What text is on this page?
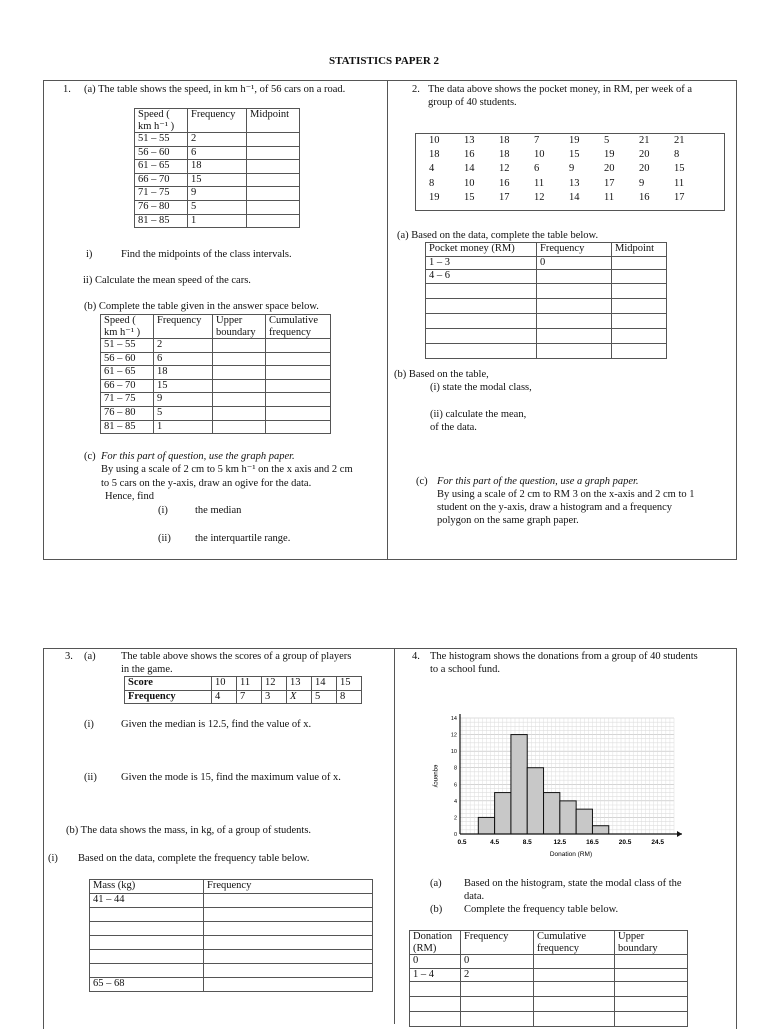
STATISTICS PAPER 2
1. (a) The table shows the speed, in km h⁻¹, of 56 cars on a road.
Speed ( km h⁻¹ )	Frequency	Midpoint
51 – 55	2	
56 – 60	6	
61 – 65	18	
66 – 70	15	
71 – 75	9	
76 – 80	5	
81 – 85	1	
i)	Find the midpoints of the class intervals.
ii) Calculate the mean speed of the cars.
(b) Complete the table given in the answer space below.
Speed ( km h⁻¹ )	Frequency	Upper boundary	Cumulative frequency
51 – 55	2		
56 – 60	6		
61 – 65	18		
66 – 70	15		
71 – 75	9		
76 – 80	5		
81 – 85	1		
(c) For this part of question, use the graph paper.
By using a scale of 2 cm to 5 km h⁻¹ on the x axis and 2 cm
to 5 cars on the y-axis, draw an ogive for the data.
Hence, find
(i)	the median
(ii) the interquartile range.
2. The data above shows the pocket money, in RM, per week of a
group of 40 students.
10 13 18 7	19 5	21 21
18 16 18 10 15 19 20 8
4	14 12 6	9	20 20 15
8	10 16 11 13 17 9	11
19 15 17 12 14 11 16 17
(a) Based on the data, complete the table below.
Pocket money (RM)	Frequency	Midpoint
1 – 3	0	
4 – 6		

(b) Based on the table,
(i) state the modal class,
(ii) calculate the mean,
of the data.
(c) For this part of the question, use a graph paper.
By using a scale of 2 cm to RM 3 on the x-axis and 2 cm to 1
student on the y-axis, draw a histogram and a frequency
polygon on the same graph paper.
3. (a) The table above shows the scores of a group of players
in the game.
Score	10	11	12	13	14	15
Frequency	4	7	3	X	5	8
(i)	Given the median is 12.5, find the value of x.
(ii) Given the mode is 15, find the maximum value of x.
(b) The data shows the mass, in kg, of a group of students.
(i) Based on the data, complete the frequency table below.
Mass (kg)	Frequency
41 – 44	

65 – 68	
4. The histogram shows the donations from a group of 40 students
to a school fund.
0
2
4
6
8
10
12
14
0.5	4.5	8.5	12.5	16.5	20.5	24.5
Donation (RM)
equency
(a) Based on the histogram, state the modal class of the
data.
(b) Complete the frequency table below.
Donation (RM)	Frequency	Cumulative frequency	Upper boundary
0	0		
1 – 4	2		
